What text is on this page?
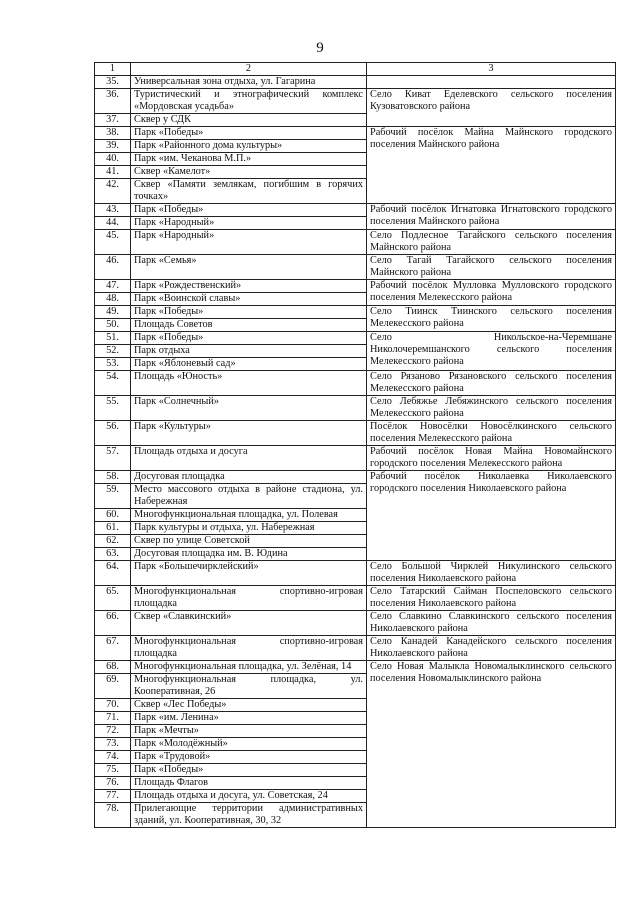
9
1	2	3
35.	Универсальная зона отдыха, ул. Гагарина	
36.	Туристический и этнографический комплекс «Мордовская усадьба»	Село Киват Еделевского сельского поселения Кузоватовского района
37.	Сквер у СДК	
38.	Парк «Победы»	Рабочий посёлок Майна Майнского городского поселения Майнского района
39.	Парк «Районного дома культуры»	
40.	Парк «им. Чеканова М.П.»	
41.	Сквер «Камелот»	
42.	Сквер «Памяти землякам, погибшим в горячих точках»	
43.	Парк «Победы»	Рабочий посёлок Игнатовка Игнатовского городского поселения Майнского района
44.	Парк «Народный»	
45.	Парк «Народный»	Село Подлесное Тагайского сельского поселения Майнского района
46.	Парк «Семья»	Село Тагай Тагайского сельского поселения Майнского района
47.	Парк «Рождественский»	Рабочий посёлок Мулловка Мулловского городского поселения Мелекесского района
48.	Парк «Воинской славы»	
49.	Парк «Победы»	Село Тиинск Тиинского сельского поселения Мелекесского района
50.	Площадь Советов	
51.	Парк «Победы»	Село Никольское-на-Черемшане Николочеремшанского сельского поселения Мелекесского района
52.	Парк отдыха	
53.	Парк «Яблоневый сад»	
54.	Площадь «Юность»	Село Рязаново Рязановского сельского поселения Мелекесского района
55.	Парк «Солнечный»	Село Лебяжье Лебяжинского сельского поселения Мелекесского района
56.	Парк «Культуры»	Посёлок Новосёлки Новосёлкинского сельского поселения Мелекесского района
57.	Площадь отдыха и досуга	Рабочий посёлок Новая Майна Новомайнского городского поселения Мелекесского района
58.	Досуговая площадка	Рабочий посёлок Николаевка Николаевского городского поселения Николаевского района
59.	Место массового отдыха в районе стадиона, ул. Набережная	
60.	Многофункциональная площадка, ул. Полевая	
61.	Парк культуры и отдыха, ул. Набережная	
62.	Сквер по улице Советской	
63.	Досуговая площадка им. В. Юдина	
64.	Парк «Большечирклейский»	Село Большой Чирклей Никулинского сельского поселения Николаевского района
65.	Многофункциональная спортивно-игровая площадка	Село Татарский Сайман Поспеловского сельского поселения Николаевского района
66.	Сквер «Славкинский»	Село Славкино Славкинского сельского поселения Николаевского района
67.	Многофункциональная спортивно-игровая площадка	Село Канадей Канадейского сельского поселения Николаевского района
68.	Многофункциональная площадка, ул. Зелёная, 14	Село Новая Малыкла Новомалыклинского сельского поселения Новомалыклинского района
69.	Многофункциональная площадка, ул. Кооперативная, 26	
70.	Сквер «Лес Победы»	
71.	Парк «им. Ленина»	
72.	Парк «Мечты»	
73.	Парк «Молодёжный»	
74.	Парк «Трудовой»	
75.	Парк «Победы»	
76.	Площадь Флагов	
77.	Площадь отдыха и досуга, ул. Советская, 24	
78.	Прилегающие территории административных зданий, ул. Кооперативная, 30, 32	
